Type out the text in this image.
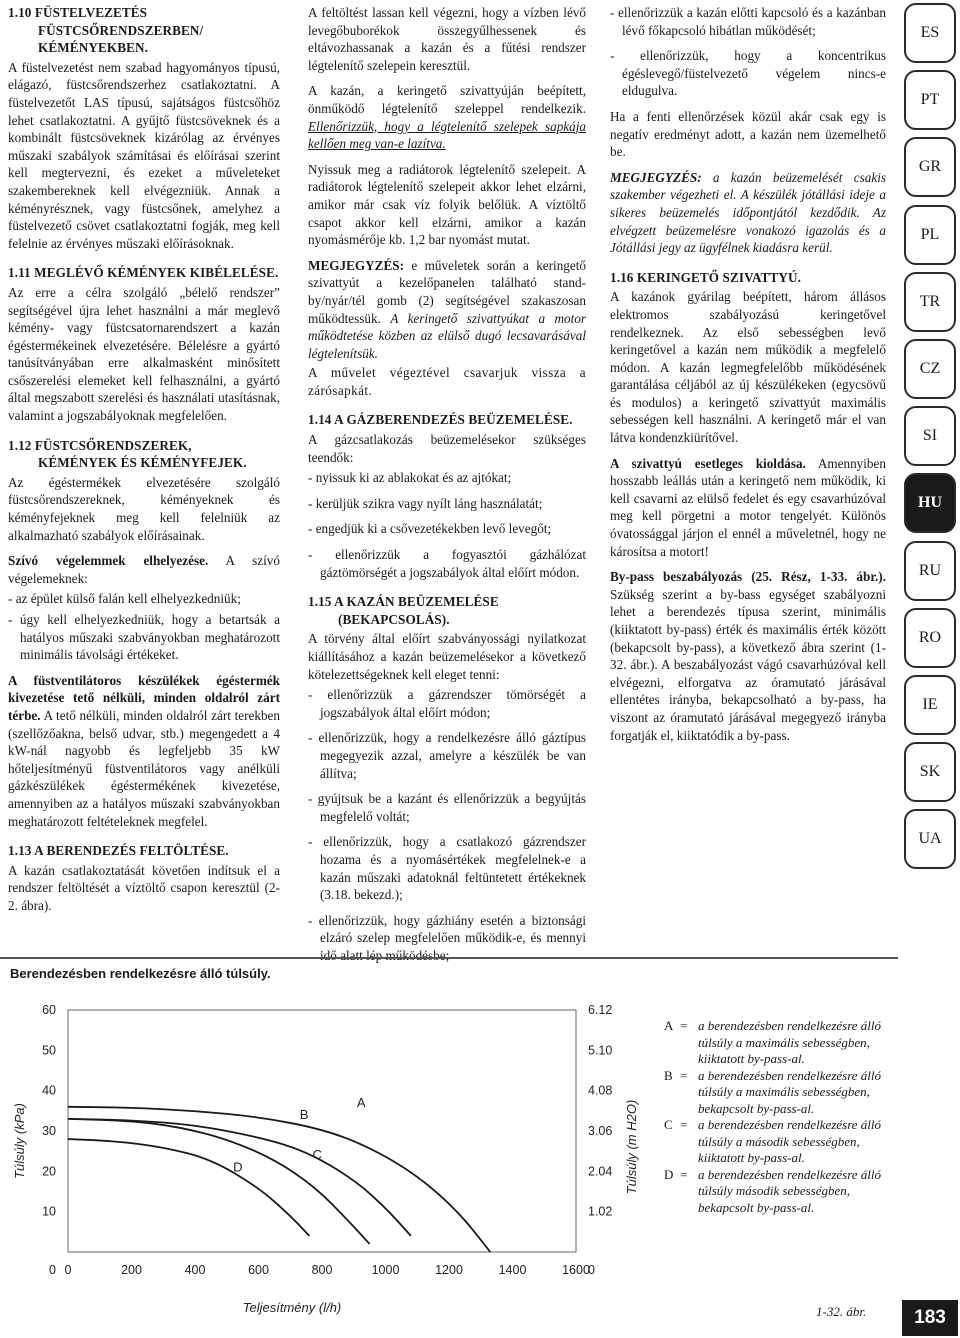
1.10 FÜSTELVEZETÉS
FÜSTCSŐRENDSZERBEN/
KÉMÉNYEKBEN.

A füstelvezetést nem szabad hagyományos típusú, elágazó, füstcsőrendszerhez csatlakoztatni. A füstelvezetőt LAS típusú, sajátságos füstcsőhöz lehet csatlakoztatni. A gyűjtő füstcsöveknek és a kombinált füstcsöveknek kizárólag az érvényes műszaki szabályok számításai és előírásai szerint kell megtervezni, és ezeket a műveleteket szakembereknek kell elvégezniük. Annak a kéményrésznek, vagy füstcsőnek, amelyhez a füstelvezető csövet csatlakoztatni fogják, meg kell felelnie az érvényes műszaki előírásoknak.

1.11 MEGLÉVŐ KÉMÉNYEK KIBÉLELÉSE.

Az erre a célra szolgáló „bélelő rendszer” segítségével újra lehet használni a már meglevő kémény- vagy füstcsatornarendszert a kazán égéstermékeinek elvezetésére. Bélelésre a gyártó tanúsítványában erre alkalmasként minősített csőszerelési elemeket kell felhasználni, a gyártó által megszabott szerelési és használati utasításnak, valamint a jogszabályoknak megfelelően.

1.12 FÜSTCSŐRENDSZEREK,
KÉMÉNYEK ÉS KÉMÉNYFEJEK.

Az égéstermékek elvezetésére szolgáló füstcsőrendszereknek, kéményeknek és kéményfejeknek meg kell felelniük az alkalmazható szabályok előírásainak.

Szívó végelemmek elhelyezése. A szívó végelemeknek:

- az épület külső falán kell elhelyezkedniük;

- úgy kell elhelyezkedniük, hogy a betartsák a hatályos műszaki szabványokban meghatározott minimális távolsági értékeket.

A füstventilátoros készülékek égéstermék kivezetése tető nélküli, minden oldalról zárt térbe. A tető nélküli, minden oldalról zárt terekben (szellőzőakna, belső udvar, stb.) megengedett a 4 kW-nál nagyobb és legfeljebb 35 kW hőteljesítményű füstventilátoros vagy anélküli gázkészülékek égéstermékének kivezetése, amennyiben az a hatályos műszaki szabványokban meghatározott feltételeknek megfelel.

1.13 A BERENDEZÉS FELTÖLTÉSE.

A kazán csatlakoztatását követően indítsuk el a rendszer feltöltését a víztöltő csapon keresztül (2-2. ábra).

A feltöltést lassan kell végezni, hogy a vízben lévő levegőbuborékok összegyűlhessenek és eltávozhassanak a kazán és a fűtési rendszer légtelenítő szelepein keresztül.

A kazán, a keringető szivattyúján beépített, önműködő légtelenítő szeleppel rendelkezik. Ellenőrizzük, hogy a légtelenítő szelepek sapkája kellően meg van-e lazítva.

Nyissuk meg a radiátorok légtelenítő szelepeit. A radiátorok légtelenítő szelepeit akkor lehet elzárni, amikor már csak víz folyik belőlük. A víztöltő csapot akkor kell elzárni, amikor a kazán nyomásmérője kb. 1,2 bar nyomást mutat.

MEGJEGYZÉS: e műveletek során a keringető szivattyút a kezelőpanelen található stand-by/nyár/tél gomb (2) segítségével szakaszosan működtessük. A keringető szivattyúkat a motor működtetése közben az elülső dugó lecsavarásával légtelenítsük.

A művelet végeztével csavarjuk vissza a zárósapkát.

1.14 A GÁZBERENDEZÉS BEÜZEMELÉSE.

A gázcsatlakozás beüzemelésekor szükséges teendők:

- nyissuk ki az ablakokat és az ajtókat;

- kerüljük szikra vagy nyílt láng használatát;

- engedjük ki a csővezetékekben levő levegőt;

- ellenőrizzük a fogyasztói gázhálózat gáztömörségét a jogszabályok által előírt módon.

1.15 A KAZÁN BEÜZEMELÉSE
(BEKAPCSOLÁS).

A törvény által előírt szabványossági nyilatkozat kiállításához a kazán beüzemelésekor a következő kötelezettségeknek kell eleget tenni:

- ellenőrizzük a gázrendszer tömörségét a jogszabályok által előírt módon;

- ellenőrizzük, hogy a rendelkezésre álló gáztípus megegyezik azzal, amelyre a készülék be van állítva;

- gyújtsuk be a kazánt és ellenőrizzük a begyújtás megfelelő voltát;

- ellenőrizzük, hogy a csatlakozó gázrendszer hozama és a nyomásértékek megfelelnek-e a kazán műszaki adatoknál feltüntetett értékeknek (3.18. bekezd.);

- ellenőrizzük, hogy gázhiány esetén a biztonsági elzáró szelep megfelelően működik-e, és mennyi idő alatt lép működésbe;

- ellenőrizzük a kazán előtti kapcsoló és a kazánban lévő főkapcsoló hibátlan működését;

- ellenőrizzük, hogy a koncentrikus égéslevegő/füstelvezető végelem nincs-e eldugulva.

Ha a fenti ellenőrzések közül akár csak egy is negatív eredményt adott, a kazán nem üzemelhető be.

MEGJEGYZÉS: a kazán beüzemelését csakis szakember végezheti el. A készülék jótállási ideje a sikeres beüzemelés időpontjától kezdődik. Az elvégzett beüzemelésre vonakozó igazolás és a Jótállási jegy az ügyfélnek kiadásra kerül.

1.16 KERINGETŐ SZIVATTYÚ.

A kazánok gyárilag beépített, három állásos elektromos szabályozású keringetővel rendelkeznek. Az első sebességben levő keringetővel a kazán nem működik a megfelelő módon. A kazán legmegfelelőbb működésének garantálása céljából az új készülékeken (egycsövű és modulos) a keringető szivattyút maximális sebességen kell használni. A keringető már el van látva kondenzkiürítővel.

A szivattyú esetleges kioldása. Amennyiben hosszabb leállás után a keringető nem működik, ki kell csavarni az elülső fedelet és egy csavarhúzóval meg kell pörgetni a motor tengelyét. Különös óvatossággal járjon el ennél a műveletnél, hogy ne károsítsa a motort!

By-pass beszabályozás (25. Rész, 1-33. ábr.). Szükség szerint a by-bass egységet szabályozni lehet a berendezés típusa szerint, minimális (kiiktatott by-pass) érték és maximális érték között (bekapcsolt by-pass), a következő ábra szerint (1-32. ábr.). A beszabályozást vágó csavarhúzóval kell elvégezni, elforgatva az óramutató járásával ellentétes irányba, bekapcsolható a by-pass, ha viszont az óramutató járásával megegyező irányba forgatják el, kiiktatódik a by-pass.

ES
PT
GR
PL
TR
CZ
SI
HU
RU
RO
IE
SK
UA
Berendezésben rendelkezésre álló túlsúly.
0	200	400	600	800	1000	1200	1400	1600
0
10
20
30
40
50
60
0
1.02
2.04
3.06
4.08
5.10
6.12
Teljesítmény (l/h)
Túlsúly (kPa)	Túlsúly (m H2O)
A
B
C
D
A = a berendezésben rendelkezésre álló túlsúly a maximális sebességben, kiiktatott by-pass-al.
B = a berendezésben rendelkezésre álló túlsúly a maximális sebességben, bekapcsolt by-pass-al.
C = a berendezésben rendelkezésre álló túlsúly a második sebességben, kiiktatott by-pass-al.
D = a berendezésben rendelkezésre álló túlsúly második sebességben, bekapcsolt by-pass-al.
1-32. ábr.	183
